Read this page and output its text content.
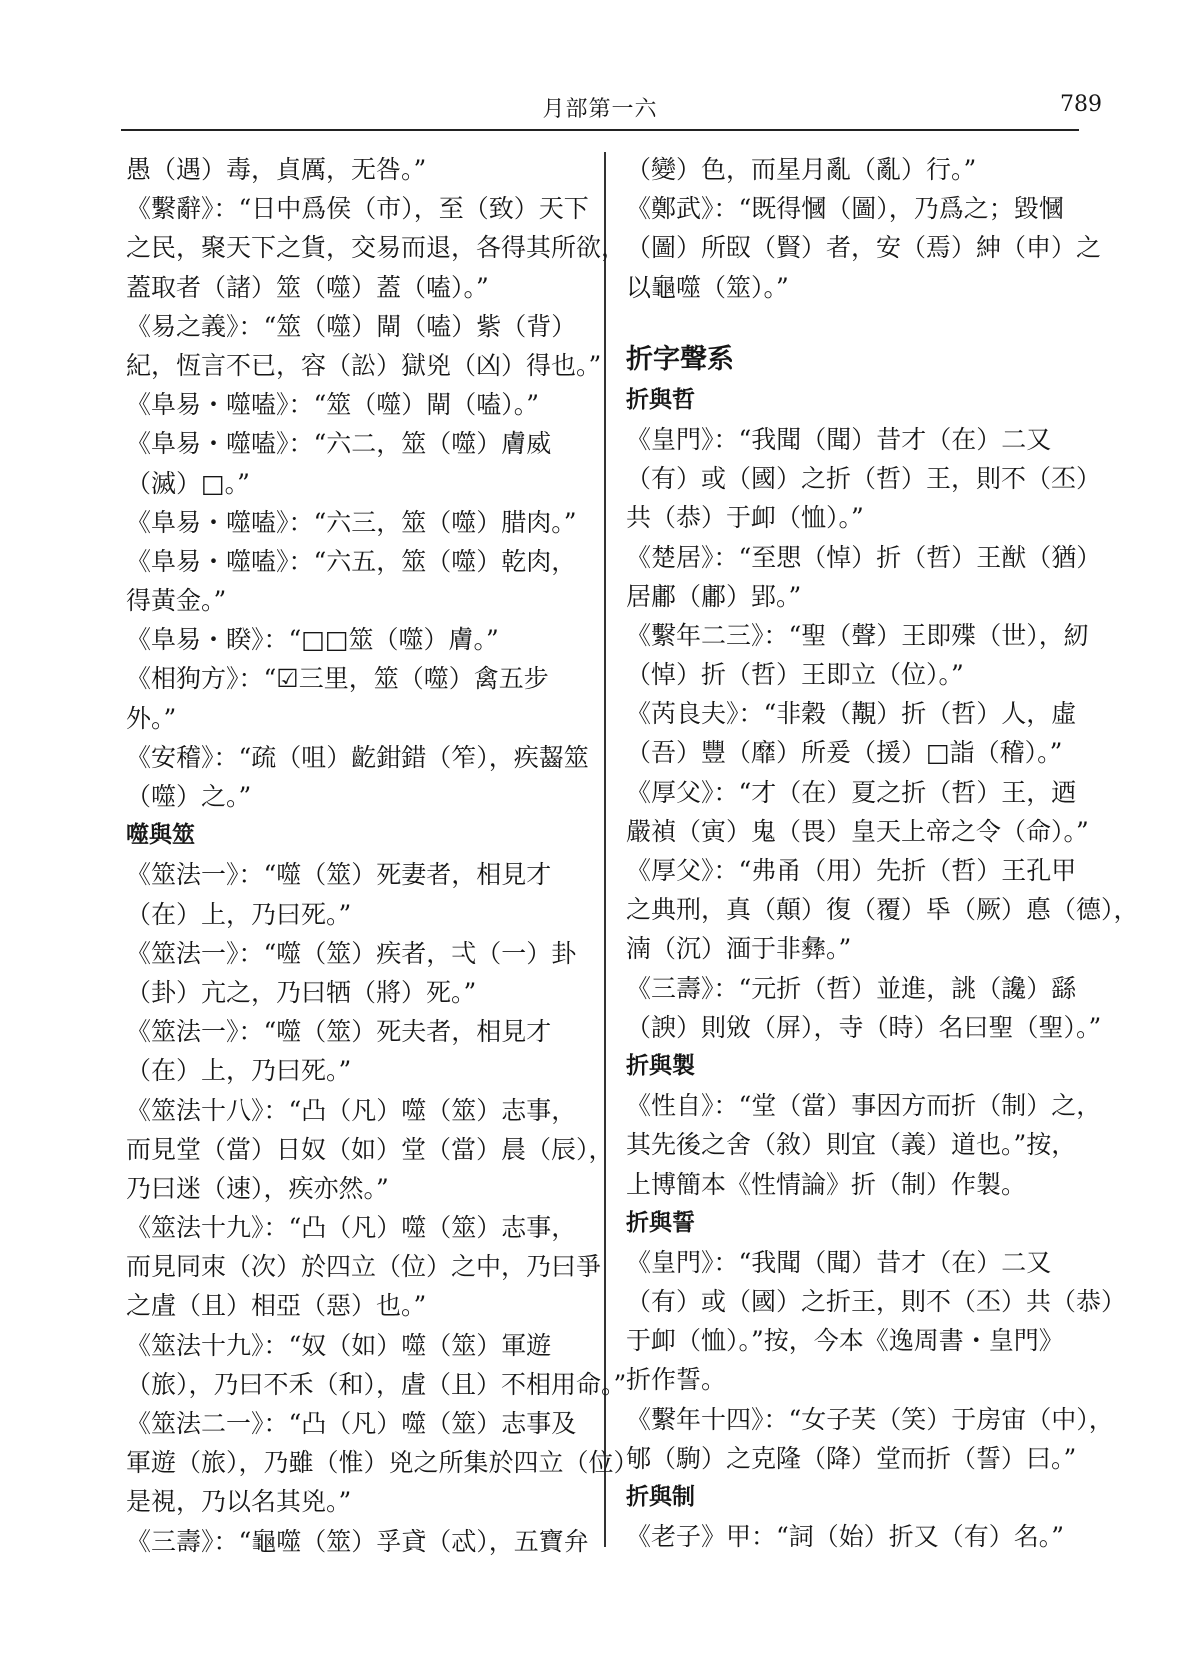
月部第一六	789
愚（遇）毒，貞厲，无咎。”
《繫辭》：“日中爲侯（市），至（致）天下
之民，聚天下之貨，交易而退，各得其所欲，
蓋取者（諸）筮（噬）蓋（嗑）。”
《易之義》：“筮（噬）閘（嗑）紫（背）
紀，恆言不已，容（訟）獄兇（凶）得也。”
《阜易・噬嗑》：“筮（噬）閘（嗑）。”
《阜易・噬嗑》：“六二，筮（噬）膚威
（滅）□。”
《阜易・噬嗑》：“六三，筮（噬）腊肉。”
《阜易・噬嗑》：“六五，筮（噬）乾肉，
得黃金。”
《阜易・睽》：“□□筮（噬）膚。”
《相狗方》：“☑三里，筮（噬）禽五步
外。”
《安稽》：“疏（咀）齕鉗錯（笮），疾齧筮
（噬）之。”
噬與筮
《筮法一》：“噬（筮）死妻者，相見才
（在）上，乃曰死。”
《筮法一》：“噬（筮）疾者，弌（一）卦
（卦）亢之，乃曰牺（將）死。”
《筮法一》：“噬（筮）死夫者，相見才
（在）上，乃曰死。”
《筮法十八》：“凸（凡）噬（筮）志事，
而見堂（當）日奴（如）堂（當）晨（辰），
乃曰迷（速），疾亦然。”
《筮法十九》：“凸（凡）噬（筮）志事，
而見同朿（次）於四立（位）之中，乃曰爭
之虘（且）相亞（惡）也。”
《筮法十九》：“奴（如）噬（筮）軍遊
（旅），乃曰不禾（和），虘（且）不相用命。”
《筮法二一》：“凸（凡）噬（筮）志事及
軍遊（旅），乃雖（惟）兇之所集於四立（位）
是視，乃以名其兇。”
《三壽》：“龜噬（筮）孚貣（忒），五寶弁
（變）色，而星月亂（亂）行。”
《鄭武》：“既得慖（圖），乃爲之；毀慖
（圖）所臤（賢）者，安（焉）紳（申）之
以龜噬（筮）。”
折字聲系
折與哲
《皇門》：“我聞（聞）昔才（在）二又
（有）或（國）之折（哲）王，則不（丕）
共（恭）于卹（恤）。”
《楚居》：“至愳（悼）折（哲）王猷（猶）
居鄘（鄘）郢。”
《繫年二三》：“聖（聲）王即殜（世），紉
（悼）折（哲）王即立（位）。”
《芮良夫》：“非穀（覯）折（哲）人，虛
（吾）豐（靡）所爰（援）□詣（稽）。”
《厚父》：“才（在）夏之折（哲）王，迺
嚴禎（寅）鬼（畏）皇天上帝之令（命）。”
《厚父》：“弗甬（用）先折（哲）王孔甲
之典刑，真（顛）復（覆）氒（厥）悳（德），
湳（沉）湎于非彝。”
《三壽》：“元折（哲）並進，誂（讒）繇
（諛）則敓（屏），寺（時）名曰聖（聖）。”
折與製
《性自》：“堂（當）事因方而折（制）之，
其先後之舍（敘）則宜（義）道也。”按，
上博簡本《性情論》折（制）作製。
折與誓
《皇門》：“我聞（聞）昔才（在）二又
（有）或（國）之折王，則不（丕）共（恭）
于卹（恤）。”按，今本《逸周書・皇門》
折作誓。
《繫年十四》：“女子芺（笑）于房宙（中），
郇（駒）之克隆（降）堂而折（誓）曰。”
折與制
《老子》甲：“詞（始）折又（有）名。”
